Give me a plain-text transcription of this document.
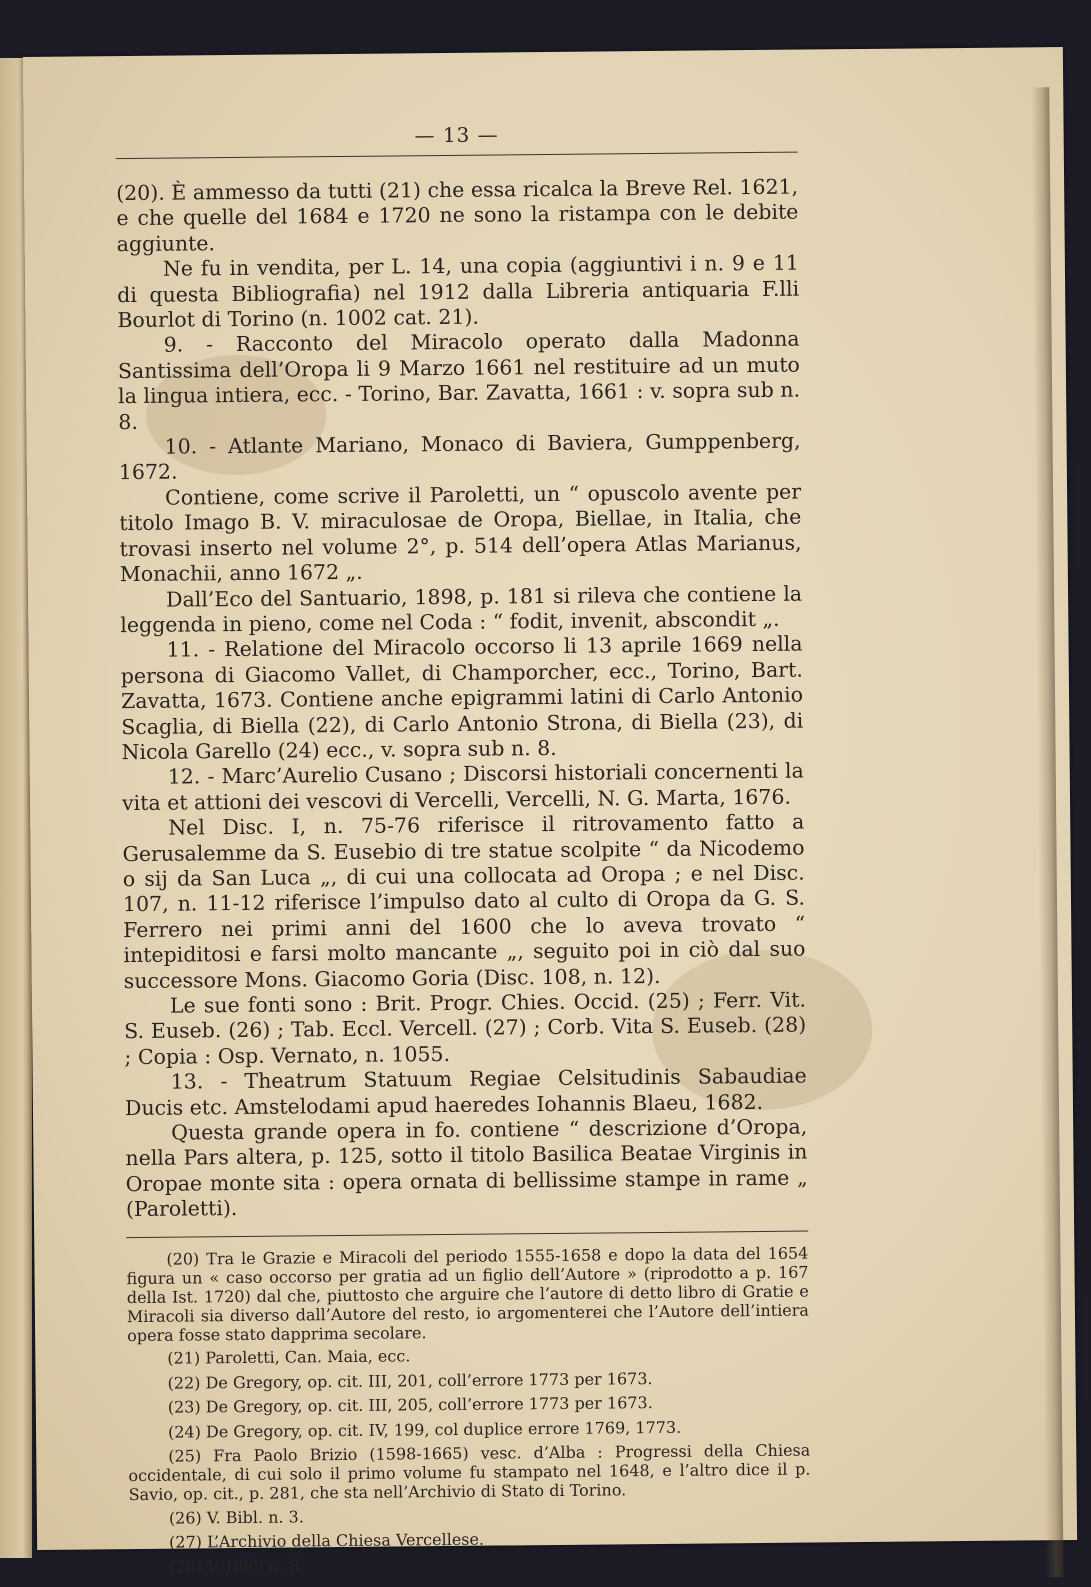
— 13 —

(20). È ammesso da tutti (21) che essa ricalca la Breve Rel. 1621, e che quelle del 1684 e 1720 ne sono la ristampa con le debite aggiunte.

Ne fu in vendita, per L. 14, una copia (aggiuntivi i n. 9 e 11 di questa Bibliografia) nel 1912 dalla Libreria antiquaria F.lli Bourlot di Torino (n. 1002 cat. 21).

9. - Racconto del Miracolo operato dalla Madonna Santissima dell’Oropa li 9 Marzo 1661 nel restituire ad un muto la lingua intiera, ecc. - Torino, Bar. Zavatta, 1661 : v. sopra sub n. 8.

10. - Atlante Mariano, Monaco di Baviera, Gumppenberg, 1672.

Contiene, come scrive il Paroletti, un “ opuscolo avente per titolo Imago B. V. miraculosae de Oropa, Biellae, in Italia, che trovasi inserto nel volume 2°, p. 514 dell’opera Atlas Marianus, Monachii, anno 1672 „.

Dall’Eco del Santuario, 1898, p. 181 si rileva che contiene la leggenda in pieno, come nel Coda : “ fodit, invenit, abscondit „.

11. - Relatione del Miracolo occorso li 13 aprile 1669 nella persona di Giacomo Vallet, di Champorcher, ecc., Torino, Bart. Zavatta, 1673. Contiene anche epigrammi latini di Carlo Antonio Scaglia, di Biella (22), di Carlo Antonio Strona, di Biella (23), di Nicola Garello (24) ecc., v. sopra sub n. 8.

12. - Marc’Aurelio Cusano ; Discorsi historiali concernenti la vita et attioni dei vescovi di Vercelli, Vercelli, N. G. Marta, 1676.

Nel Disc. I, n. 75-76 riferisce il ritrovamento fatto a Gerusalemme da S. Eusebio di tre statue scolpite “ da Nicodemo o sij da San Luca „, di cui una collocata ad Oropa ; e nel Disc. 107, n. 11-12 riferisce l’impulso dato al culto di Oropa da G. S. Ferrero nei primi anni del 1600 che lo aveva trovato “ intepiditosi e farsi molto mancante „, seguito poi in ciò dal suo successore Mons. Giacomo Goria (Disc. 108, n. 12).

Le sue fonti sono : Brit. Progr. Chies. Occid. (25) ; Ferr. Vit. S. Euseb. (26) ; Tab. Eccl. Vercell. (27) ; Corb. Vita S. Euseb. (28) ; Copia : Osp. Vernato, n. 1055.

13. - Theatrum Statuum Regiae Celsitudinis Sabaudiae Ducis etc. Amstelodami apud haeredes Iohannis Blaeu, 1682.

Questa grande opera in fo. contiene “ descrizione d’Oropa, nella Pars altera, p. 125, sotto il titolo Basilica Beatae Virginis in Oropae monte sita : opera ornata di bellissime stampe in rame „ (Paroletti).

(20) Tra le Grazie e Miracoli del periodo 1555-1658 e dopo la data del 1654 figura un « caso occorso per gratia ad un figlio dell’Autore » (riprodotto a p. 167 della Ist. 1720) dal che, piuttosto che arguire che l’autore di detto libro di Gratie e Miracoli sia diverso dall’Autore del resto, io argomenterei che l’Autore dell’intiera opera fosse stato dapprima secolare.

(21) Paroletti, Can. Maia, ecc.

(22) De Gregory, op. cit. III, 201, coll’errore 1773 per 1673.

(23) De Gregory, op. cit. III, 205, coll’errore 1773 per 1673.

(24) De Gregory, op. cit. IV, 199, col duplice errore 1769, 1773.

(25) Fra Paolo Brizio (1598-1665) vesc. d’Alba : Progressi della Chiesa occidentale, di cui solo il primo volume fu stampato nel 1648, e l’altro dice il p. Savio, op. cit., p. 281, che sta nell’Archivio di Stato di Torino.

(26) V. Bibl. n. 3.

(27) L’Archivio della Chiesa Vercellese.

(28) V. Bibl. n. 6.
